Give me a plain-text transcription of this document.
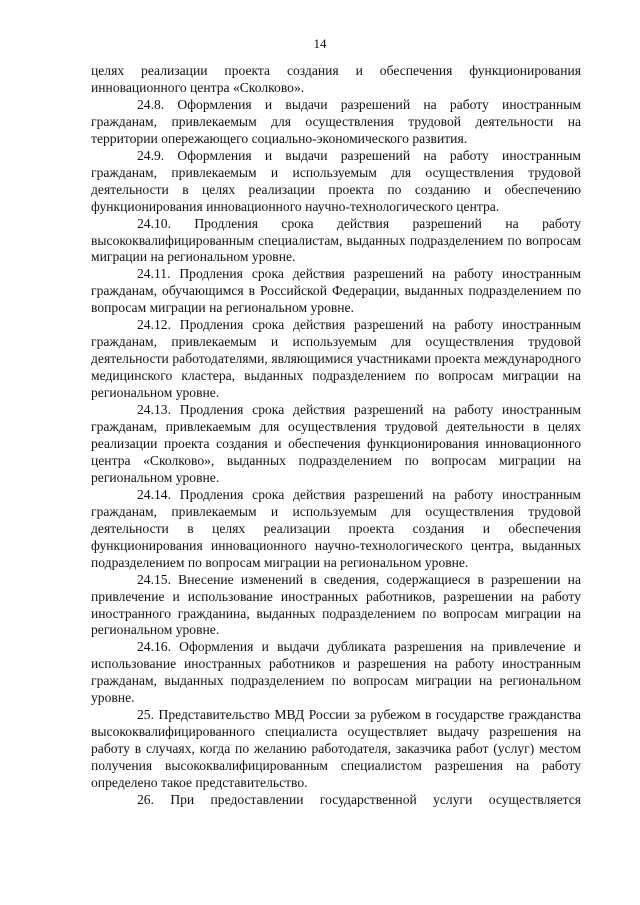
14

целях реализации проекта создания и обеспечения функционирования инновационного центра «Сколково».

24.8. Оформления и выдачи разрешений на работу иностранным гражданам, привлекаемым для осуществления трудовой деятельности на территории опережающего социально-экономического развития.

24.9. Оформления и выдачи разрешений на работу иностранным гражданам, привлекаемым и используемым для осуществления трудовой деятельности в целях реализации проекта по созданию и обеспечению функционирования инновационного научно-технологического центра.

24.10. Продления срока действия разрешений на работу высококвалифицированным специалистам, выданных подразделением по вопросам миграции на региональном уровне.

24.11. Продления срока действия разрешений на работу иностранным гражданам, обучающимся в Российской Федерации, выданных подразделением по вопросам миграции на региональном уровне.

24.12. Продления срока действия разрешений на работу иностранным гражданам, привлекаемым и используемым для осуществления трудовой деятельности работодателями, являющимися участниками проекта международного медицинского кластера, выданных подразделением по вопросам миграции на региональном уровне.

24.13. Продления срока действия разрешений на работу иностранным гражданам, привлекаемым для осуществления трудовой деятельности в целях реализации проекта создания и обеспечения функционирования инновационного центра «Сколково», выданных подразделением по вопросам миграции на региональном уровне.

24.14. Продления срока действия разрешений на работу иностранным гражданам, привлекаемым и используемым для осуществления трудовой деятельности в целях реализации проекта создания и обеспечения функционирования инновационного научно-технологического центра, выданных подразделением по вопросам миграции на региональном уровне.

24.15. Внесение изменений в сведения, содержащиеся в разрешении на привлечение и использование иностранных работников, разрешении на работу иностранного гражданина, выданных подразделением по вопросам миграции на региональном уровне.

24.16. Оформления и выдачи дубликата разрешения на привлечение и использование иностранных работников и разрешения на работу иностранным гражданам, выданных подразделением по вопросам миграции на региональном уровне.

25. Представительство МВД России за рубежом в государстве гражданства высококвалифицированного специалиста осуществляет выдачу разрешения на работу в случаях, когда по желанию работодателя, заказчика работ (услуг) местом получения высококвалифицированным специалистом разрешения на работу определено такое представительство.

26. При предоставлении государственной услуги осуществляется
